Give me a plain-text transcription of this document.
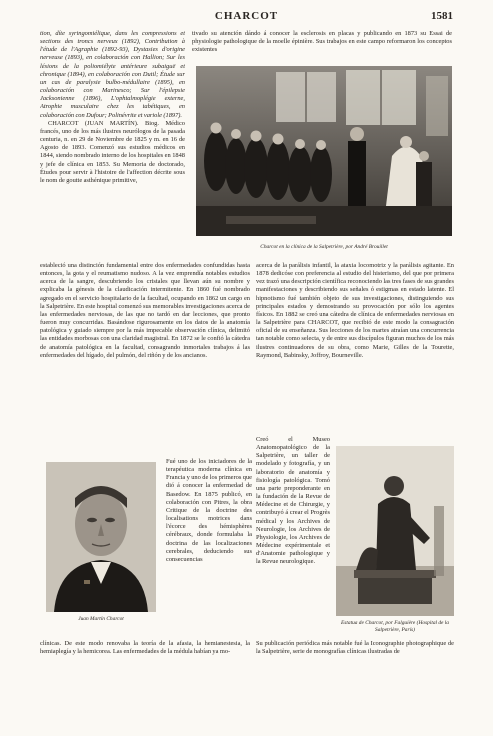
CHARCOT	1581

tion, díte syringomiélique, dans les compressions et sections des troncs nerveux (1892), Contribution à l'étude de l'Agraphie (1892-93), Dystasies d'origine nerveuse (1893), en colaboración con Hallion; Sur les lésions de la poliomiélyte antérieure subaiguë et chronique (1894), en colaboración con Dutil; Étude sur un cas de paralysie bulbo-médullaire (1895), en colaboración con Marinesco; Sur l'épilepsie Jacksonienne (1896), L'ophtalmoplégie externe, Atrophie musculaire chez les tabétiques, en colaboración con Dufour; Polinévrite et variole (1897).

CHARCOT (JUAN MARTÍN). Biog. Médico francés, uno de los más ilustres neurólogos de la pasada centuria, n. en 29 de Noviembre de 1825 y m. en 16 de Agosto de 1893. Comenzó sus estudios médicos en 1844, siendo nombrado interno de los hospitales en 1848 y jefe de clínica en 1853. Su Memoria de doctorado, Études pour servir à l'histoire de l'affection décrite sous le nom de goutte asthénique primitive,

tivado su atención dándo á conocer la esclerosis en placas y publicando en 1873 su Essai de physiologie pathologique de la moelle épinière. Sus trabajos en este campo reformaron los conceptos existentes

Charcot en la clínica de la Salpetrière, por André Brouillet

estableció una distinción fundamental entre dos enfermedades confundidas hasta entonces, la gota y el reumatismo nudoso. A la vez emprendía notables estudios acerca de la sangre, descubriendo los cristales que llevan aún su nombre y explicaba la génesis de la claudicación intermitente. En 1860 fué nombrado agregado en el servicio hospitalario de la facultad, ocupando en 1862 un cargo en la Salpetrière. En este hospital comenzó sus memorables investigaciones acerca de las enfermedades nerviosas, de las que no tardó en dar lecciones, que pronto fueron muy concurridas. Basándose rigurosamente en los datos de la anatomía patológica y guiado siempre por la más impecable observación clínica, delimitó las entidades morbosas con una claridad magistral. En 1872 se le confió la cátedra de anatomía patológica en la facultad, consagrando inmortales trabajos á las enfermedades del hígado, del pulmón, del riñón y de los ancianos.

acerca de la parálisis infantil, la ataxia locomotriz y la parálisis agitante. En 1878 dedicóse con preferencia al estudio del histerismo, del que por primera vez trazó una descripción científica reconociendo las tres fases de sus grandes manifestaciones y describiendo sus señales ó estigmas en estado latente. El hipnotismo fué también objeto de sus investigaciones, distinguiendo sus principales estados y demostrando su provocación por sólo los agentes físicos. En 1882 se creó una cátedra de clínica de enfermedades nerviosas en la Salpetrière para CHARCOT, que recibió de este modo la consagración oficial de su enseñanza. Sus lecciones de los martes atraían una concurrencia tan notable como selecta, y de entre sus discípulos figuran muchos de los más ilustres continuadores de su obra, como Marie, Gilles de la Tourette, Raymond, Babinsky, Joffroy, Bourneville.

Juan Martín Charcot

Fué uno de los iniciadores de la terapéutica moderna clínica en Francia y uno de los primeros que dió á conocer la enfermedad de Basedow. En 1875 publicó, en colaboración con Pitres, la obra Critique de la doctrine des localisations motrices dans l'écorce des hémisphères cérébraux, donde formulaba la doctrina de las localizaciones cerebrales, deduciendo sus consecuencias

Creó el Museo Anatomopatológico de la Salpetrière, un taller de modelado y fotografía, y un laboratorio de anatomía y fisiología patológica. Tomó una parte preponderante en la fundación de la Revue de Médecine et de Chirurgie, y contribuyó á crear el Progrès médical y los Archives de Neurologie, los Archives de Physiologie, los Archives de Médecine expérimentale et d'Anatomie pathologique y la Revue neurologique.

Estatua de Charcot, por Falguière (Hospital de la Salpetrière, París)

clínicas. De este modo renovaba la teoría de la afasia, la hemianestesia, la hemiaplegía y la hemicorea. Las enfermedades de la médula habían ya mo-

Su publicación periódica más notable fué la Iconographie photographique de la Salpetrière, serie de monografías clínicas ilustradas de
